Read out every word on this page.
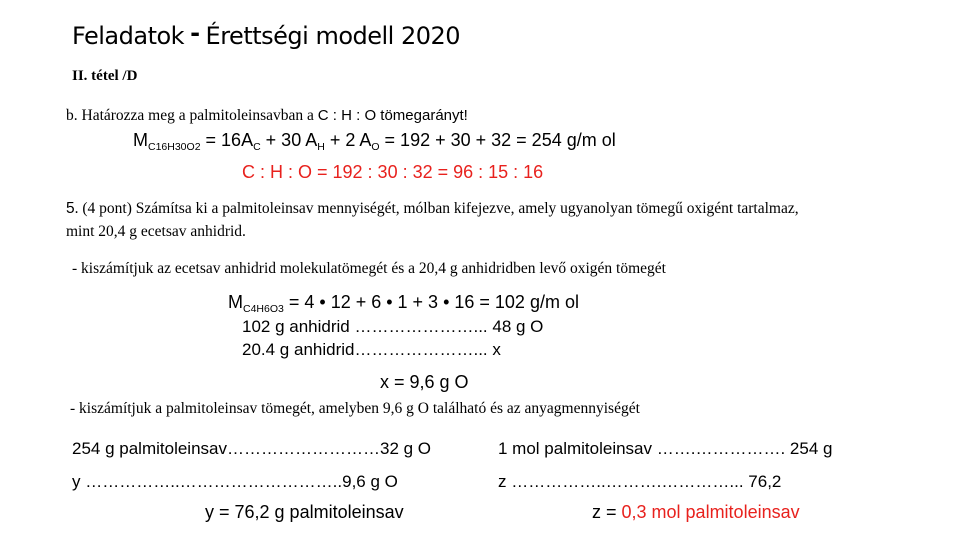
Feladatok - Érettségi modell 2020
II. tétel /D
b. Határozza meg a palmitoleinsavban a C : H : O tömegarányt!
$M_{C16H30O2} = 16A_C + 30$ $A_H + 2$ $A_O = 192 + 30 + 32 = 254$ g/m ol
C : H : O = 192 : 30 : 32 = 96 : 15 : 16
5. (4 pont) Számítsa ki a palmitoleinsav mennyiségét, mólban kifejezve, amely ugyanolyan tömegű oxigént tartalmaz,
mint 20,4 g ecetsav anhidrid.
- kiszámítjuk az ecetsav anhidrid molekulatömegét és a 20,4 g anhidridben levő oxigén tömegét
$M_{C4H6O3} = 4$ • 12 + 6 • 1 + 3 • 16 = 102 g/m ol
102 g anhidrid …………………... 48 g O
20.4 g anhidrid…………………... x
x = 9,6 g O
- kiszámítjuk a palmitoleinsav tömegét, amelyben 9,6 g O található és az anyagmennyiségét
254 g palmitoleinsav………………………32 g O
y ……………..………………………..9,6 g O
y = 76,2 g palmitoleinsav
1 mol palmitoleinsav …….……………. 254 g
z ……………..……….…………... 76,2
z = 0,3 mol palmitoleinsav
